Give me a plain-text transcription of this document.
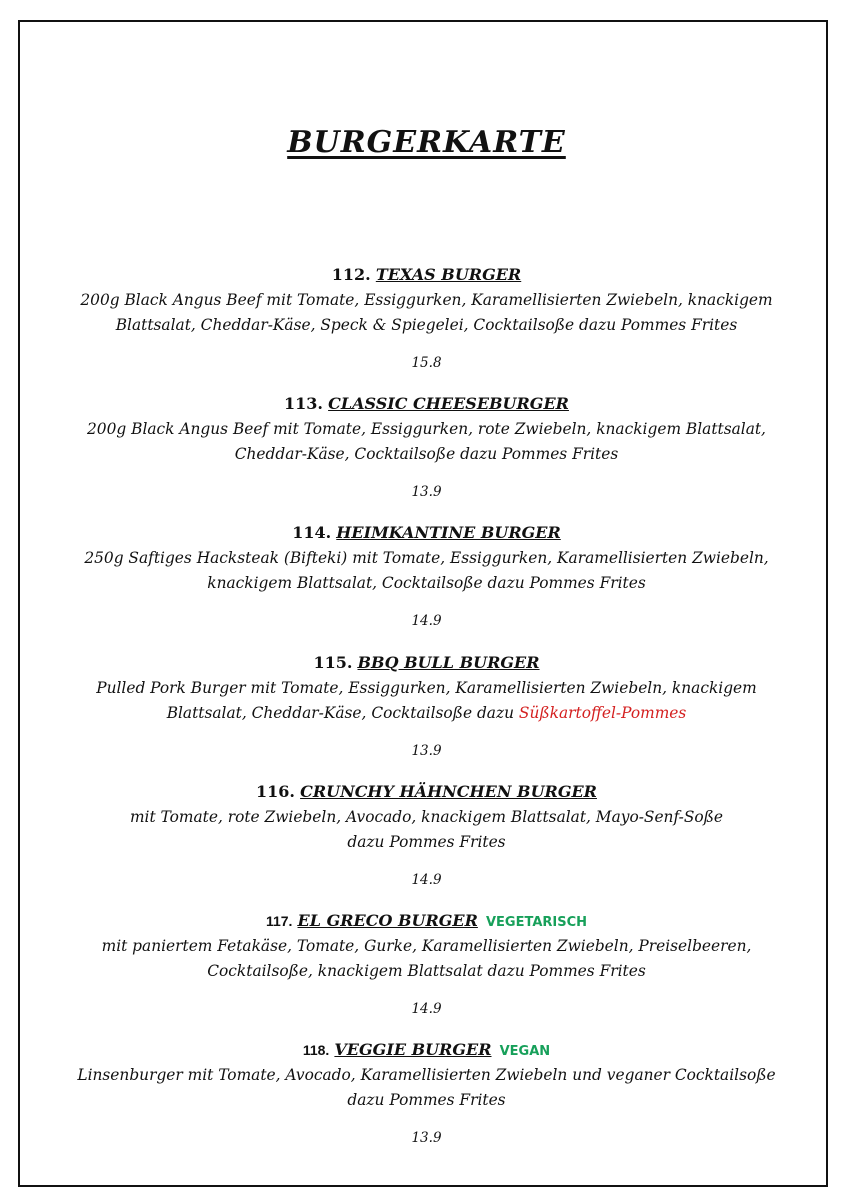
BURGERKARTE
112. TEXAS BURGER
200g Black Angus Beef mit Tomate, Essiggurken, Karamellisierten Zwiebeln, knackigem
Blattsalat, Cheddar-Käse, Speck & Spiegelei, Cocktailsoße dazu Pommes Frites
15.8
113. CLASSIC CHEESEBURGER
200g Black Angus Beef mit Tomate, Essiggurken, rote Zwiebeln, knackigem Blattsalat,
Cheddar-Käse, Cocktailsoße dazu Pommes Frites
13.9
114. HEIMKANTINE BURGER
250g Saftiges Hacksteak (Bifteki) mit Tomate, Essiggurken, Karamellisierten Zwiebeln,
knackigem Blattsalat, Cocktailsoße dazu Pommes Frites
14.9
115. BBQ BULL BURGER
Pulled Pork Burger mit Tomate, Essiggurken, Karamellisierten Zwiebeln, knackigem
Blattsalat, Cheddar-Käse, Cocktailsoße dazu Süßkartoffel-Pommes
13.9
116. CRUNCHY HÄHNCHEN BURGER
mit Tomate, rote Zwiebeln, Avocado, knackigem Blattsalat, Mayo-Senf-Soße
dazu Pommes Frites
14.9
117. EL GRECO BURGER VEGETARISCH
mit paniertem Fetakäse, Tomate, Gurke, Karamellisierten Zwiebeln, Preiselbeeren,
Cocktailsoße, knackigem Blattsalat dazu Pommes Frites
14.9
118. VEGGIE BURGER VEGAN
Linsenburger mit Tomate, Avocado, Karamellisierten Zwiebeln und veganer Cocktailsoße
dazu Pommes Frites
13.9
